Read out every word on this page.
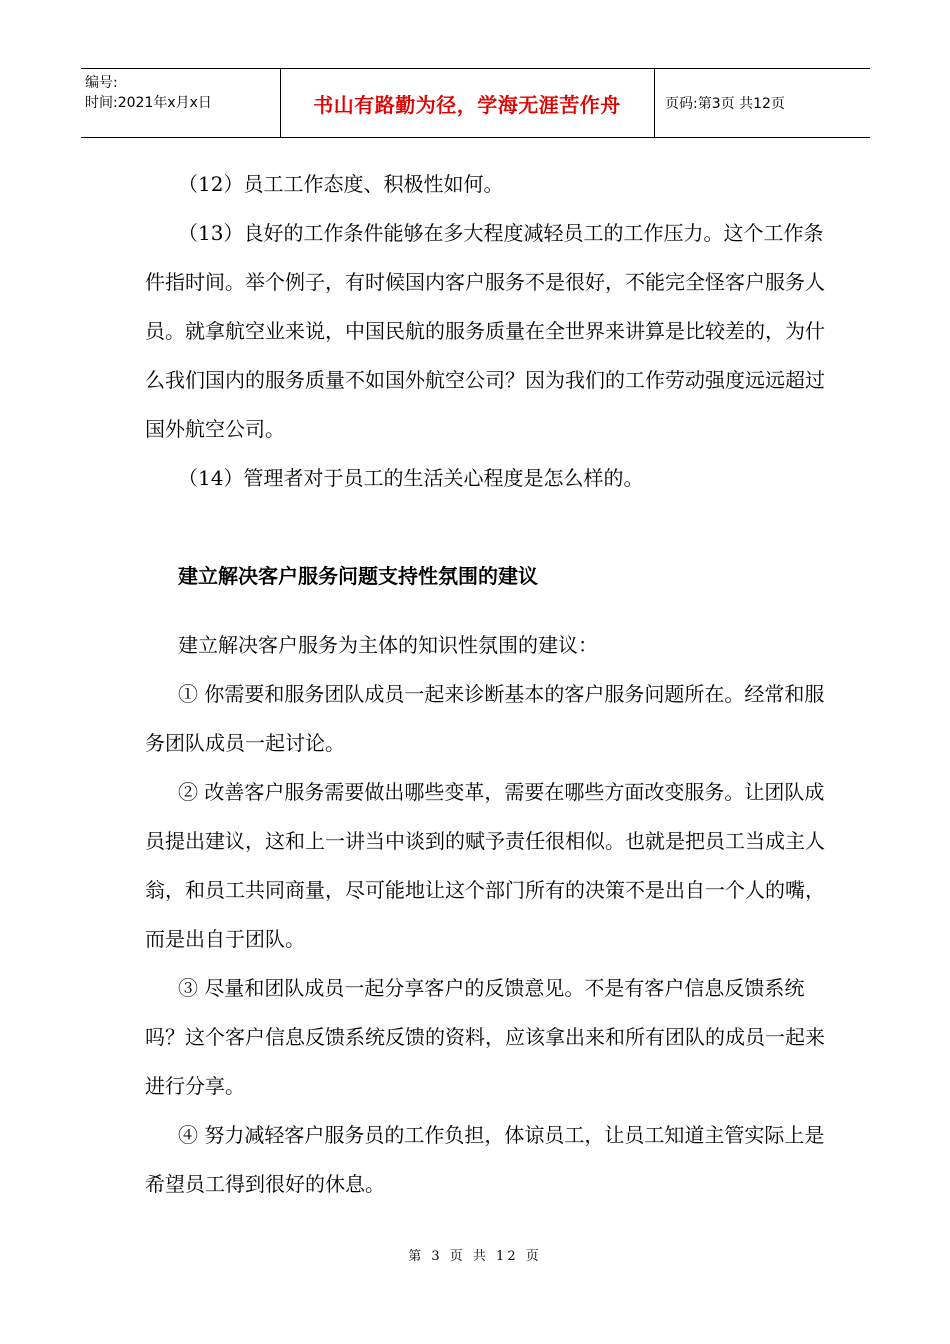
编号:
时间:2021年x月x日	书山有路勤为径，学海无涯苦作舟	页码:第3页 共12页

（12）员工工作态度、积极性如何。

（13）良好的工作条件能够在多大程度减轻员工的工作压力。这个工作条件指时间。举个例子，有时候国内客户服务不是很好，不能完全怪客户服务人员。就拿航空业来说，中国民航的服务质量在全世界来讲算是比较差的，为什么我们国内的服务质量不如国外航空公司？因为我们的工作劳动强度远远超过国外航空公司。

（14）管理者对于员工的生活关心程度是怎么样的。

建立解决客户服务问题支持性氛围的建议

建立解决客户服务为主体的知识性氛围的建议：

① 你需要和服务团队成员一起来诊断基本的客户服务问题所在。经常和服务团队成员一起讨论。

② 改善客户服务需要做出哪些变革，需要在哪些方面改变服务。让团队成员提出建议，这和上一讲当中谈到的赋予责任很相似。也就是把员工当成主人翁，和员工共同商量，尽可能地让这个部门所有的决策不是出自一个人的嘴，而是出自于团队。

③ 尽量和团队成员一起分享客户的反馈意见。不是有客户信息反馈系统吗？这个客户信息反馈系统反馈的资料，应该拿出来和所有团队的成员一起来进行分享。

④ 努力减轻客户服务员的工作负担，体谅员工，让员工知道主管实际上是希望员工得到很好的休息。

第 3 页 共 12 页
